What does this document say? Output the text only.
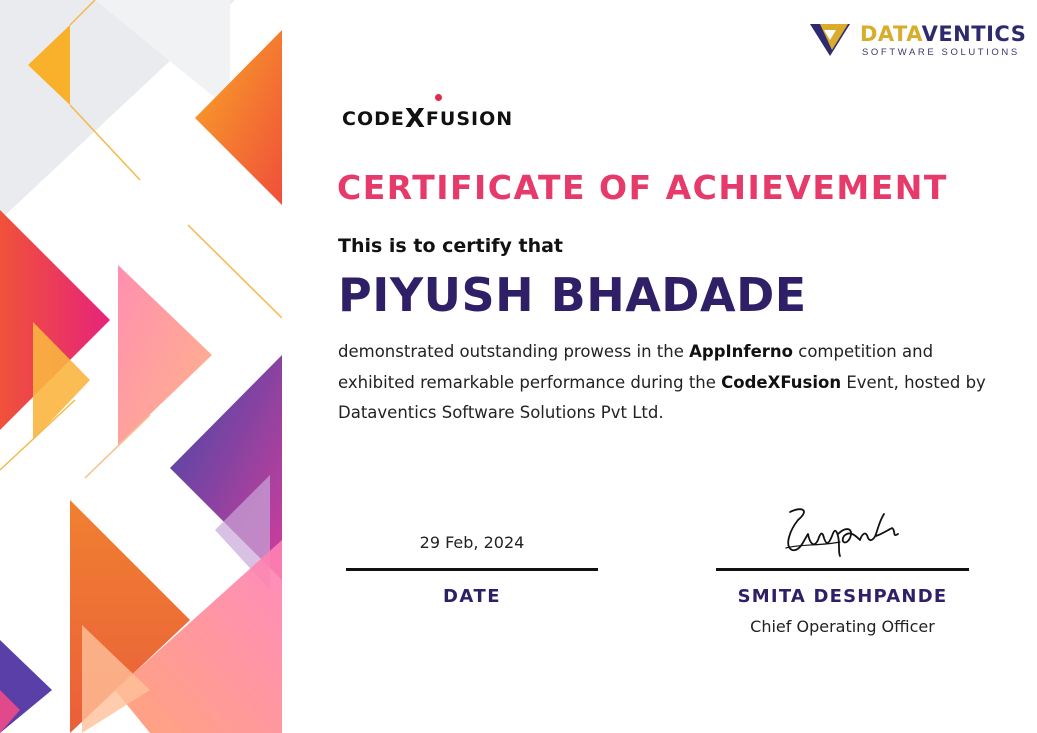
DATAVENTICS
SOFTWARE SOLUTIONS
CODEXFUSION
CERTIFICATE OF ACHIEVEMENT
This is to certify that
PIYUSH BHADADE
demonstrated outstanding prowess in the AppInferno competition and exhibited remarkable performance during the CodeXFusion Event, hosted by Dataventics Software Solutions Pvt Ltd.
29 Feb, 2024
DATE	SMITA DESHPANDE
Chief Operating Officer
